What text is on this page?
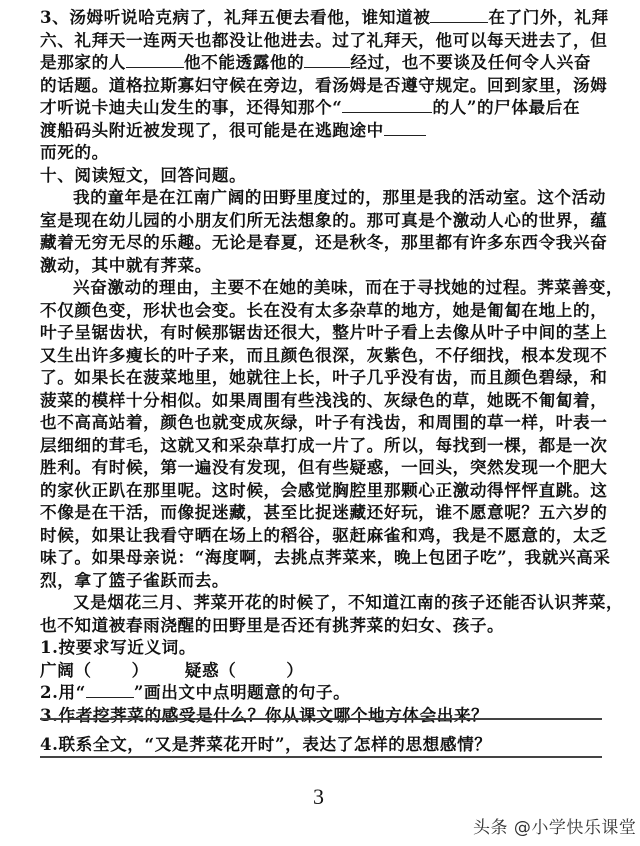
3、汤姆听说哈克病了，礼拜五便去看他，谁知道被	在了门外，礼拜
六、礼拜天一连两天也都没让他进去。过了礼拜天，他可以每天进去了，但
是那家的人	他不能透露他的	经过，也不要谈及任何令人兴奋
的话题。道格拉斯寡妇守候在旁边，看汤姆是否遵守规定。回到家里，汤姆
才听说卡迪夫山发生的事，还得知那个“	的人”的尸体最后在
渡船码头附近被发现了，很可能是在逃跑途中
而死的。
十、阅读短文，回答问题。
我的童年是在江南广阔的田野里度过的，那里是我的活动室。这个活动
室是现在幼儿园的小朋友们所无法想象的。那可真是个激动人心的世界，蕴
藏着无穷无尽的乐趣。无论是春夏，还是秋冬，那里都有许多东西令我兴奋
激动，其中就有荠菜。
兴奋激动的理由，主要不在她的美味，而在于寻找她的过程。荠菜善变，
不仅颜色变，形状也会变。长在没有太多杂草的地方，她是匍匐在地上的，
叶子呈锯齿状，有时候那锯齿还很大，整片叶子看上去像从叶子中间的茎上
又生出许多瘦长的叶子来，而且颜色很深，灰紫色，不仔细找，根本发现不
了。如果长在菠菜地里，她就往上长，叶子几乎没有齿，而且颜色碧绿，和
菠菜的模样十分相似。如果周围有些浅浅的、灰绿色的草，她既不匍匐着，
也不高高站着，颜色也就变成灰绿，叶子有浅齿，和周围的草一样，叶表一
层细细的茸毛，这就又和采杂草打成一片了。所以，每找到一棵，都是一次
胜利。有时候，第一遍没有发现，但有些疑惑，一回头，突然发现一个肥大
的家伙正趴在那里呢。这时候，会感觉胸腔里那颗心正激动得怦怦直跳。这
不像是在干活，而像捉迷藏，甚至比捉迷藏还好玩，谁不愿意呢？五六岁的
时候，如果让我看守晒在场上的稻谷，驱赶麻雀和鸡，我是不愿意的，太乏
味了。如果母亲说：“海度啊，去挑点荠菜来，晚上包团子吃”，我就兴高采
烈，拿了篮子雀跃而去。
又是烟花三月、荠菜开花的时候了，不知道江南的孩子还能否认识荠菜，
也不知道被春雨浇醒的田野里是否还有挑荠菜的妇女、孩子。
1.按要求写近义词。
广阔（ ） 疑惑（	）
2.用“	”画出文中点明题意的句子。
3.作者挖荠菜的感受是什么？你从课文哪个地方体会出来？
4.联系全文，“又是荠菜花开时”，表达了怎样的思想感情？
3
头条 @小学快乐课堂
